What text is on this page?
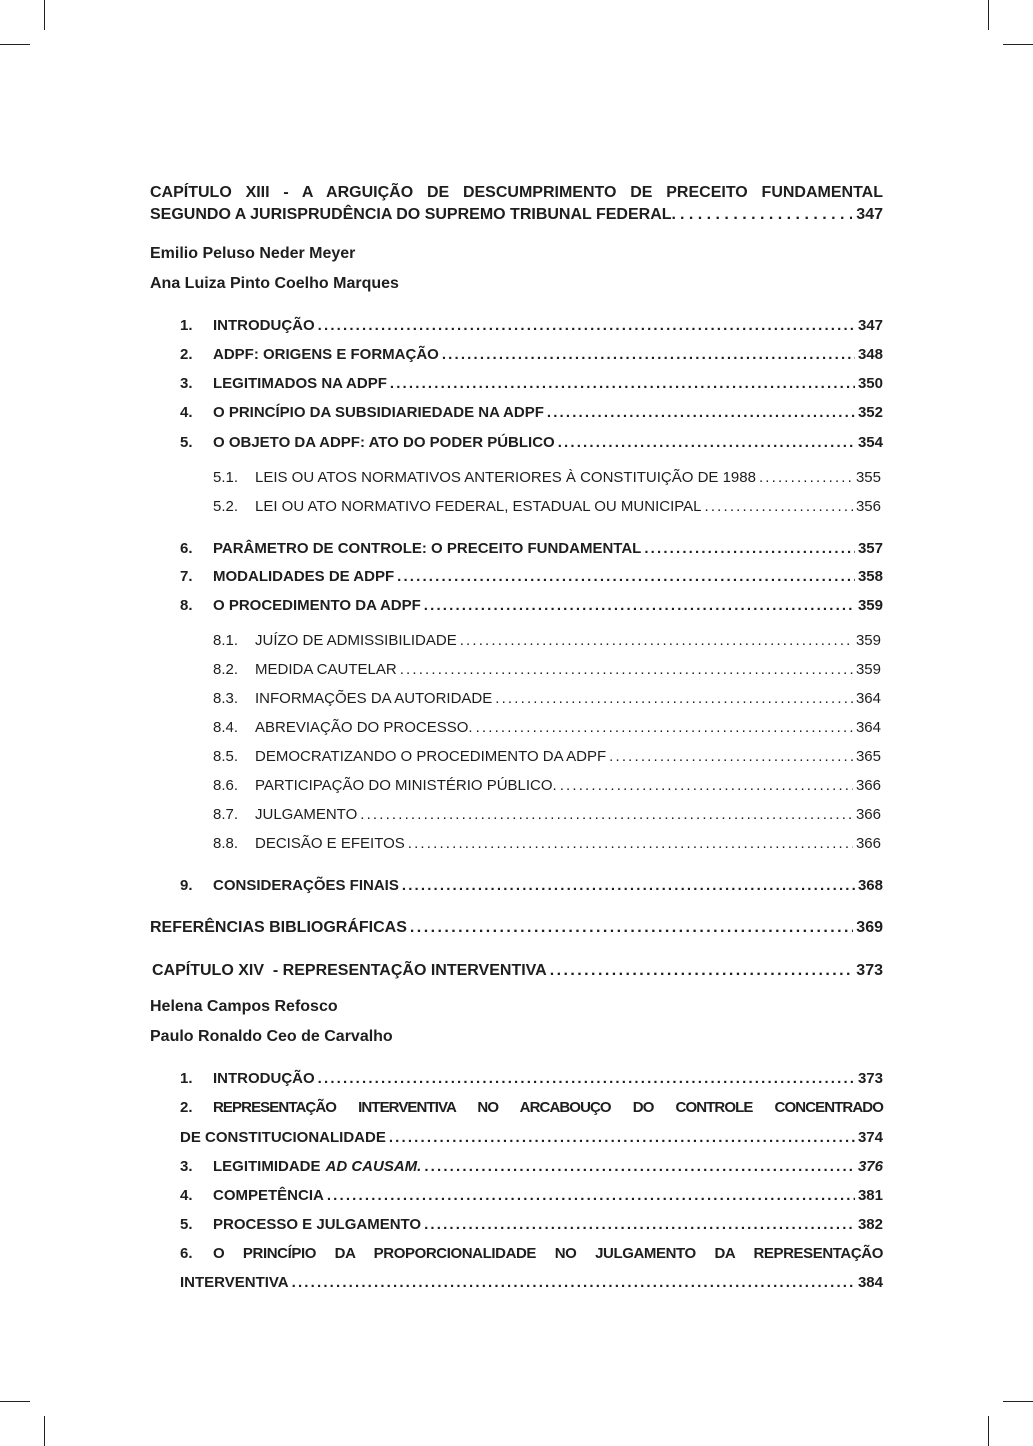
CAPÍTULO XIII - A ARGUIÇÃO DE DESCUMPRIMENTO DE PRECEITO FUNDAMENTAL
SEGUNDO A JURISPRUDÊNCIA DO SUPREMO TRIBUNAL FEDERAL. . . .	347
Emilio Peluso Neder Meyer
Ana Luiza Pinto Coelho Marques
1.	INTRODUÇÃO . . .	347
2.	ADPF: ORIGENS E FORMAÇÃO . . .	348
3.	LEGITIMADOS NA ADPF . . .	350
4.	O PRINCÍPIO DA SUBSIDIARIEDADE NA ADPF . . .	352
5.	O OBJETO DA ADPF: ATO DO PODER PÚBLICO . . .	354
5.1.	LEIS OU ATOS NORMATIVOS ANTERIORES À CONSTITUIÇÃO DE 1988 . . .	355
5.2.	LEI OU ATO NORMATIVO FEDERAL, ESTADUAL OU MUNICIPAL . . .	356
6.	PARÂMETRO DE CONTROLE: O PRECEITO FUNDAMENTAL . . .	357
7.	MODALIDADES DE ADPF . . .	358
8.	O PROCEDIMENTO DA ADPF . . .	359
8.1.	JUÍZO DE ADMISSIBILIDADE . . .	359
8.2.	MEDIDA CAUTELAR . . .	359
8.3.	INFORMAÇÕES DA AUTORIDADE . . .	364
8.4.	ABREVIAÇÃO DO PROCESSO. . . .	364
8.5.	DEMOCRATIZANDO O PROCEDIMENTO DA ADPF . . .	365
8.6.	PARTICIPAÇÃO DO MINISTÉRIO PÚBLICO. . . .	366
8.7.	JULGAMENTO . . .	366
8.8.	DECISÃO E EFEITOS . . .	366
9.	CONSIDERAÇÕES FINAIS . . .	368
REFERÊNCIAS BIBLIOGRÁFICAS . . .	369
CAPÍTULO XIV  - REPRESENTAÇÃO INTERVENTIVA . . .	373
Helena Campos Refosco
Paulo Ronaldo Ceo de Carvalho
1.	INTRODUÇÃO . . .	373
2.	REPRESENTAÇÃO INTERVENTIVA NO ARCABOUÇO DO CONTROLE CONCENTRADO
DE CONSTITUCIONALIDADE . . .	374
3.	LEGITIMIDADE AD CAUSAM. . . .	376
4.	COMPETÊNCIA . . .	381
5.	PROCESSO E JULGAMENTO . . .	382
6.	O PRINCÍPIO DA PROPORCIONALIDADE NO JULGAMENTO DA REPRESENTAÇÃO
INTERVENTIVA . . .	384
